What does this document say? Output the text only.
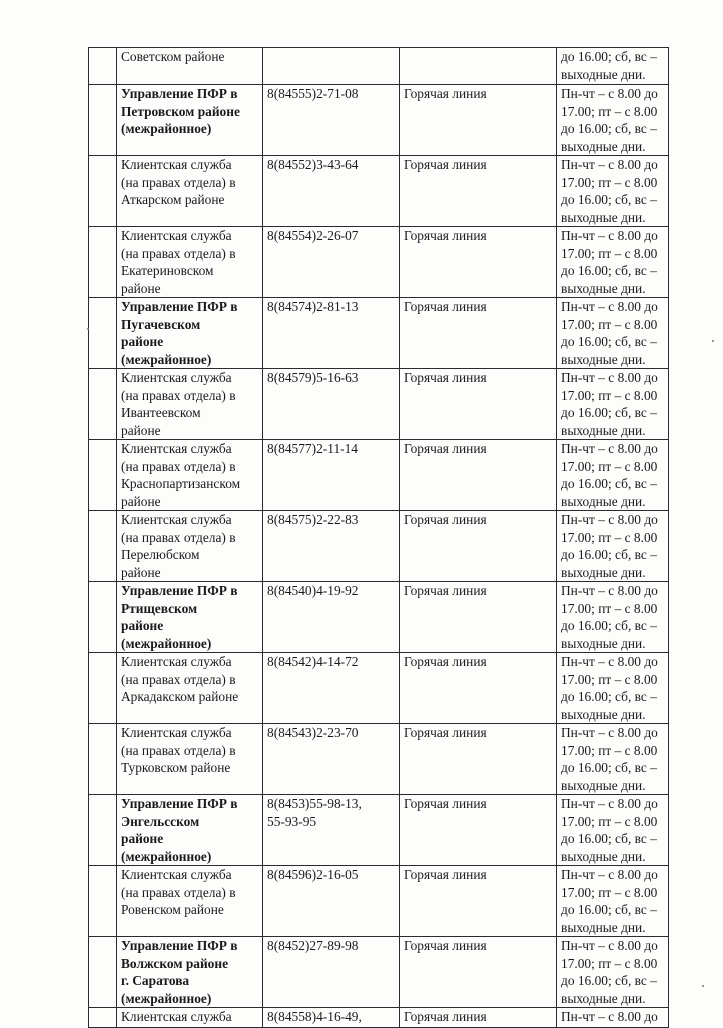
	Советском районе			до 16.00; сб, вс –
выходные дни.

	Управление ПФР в
Петровском районе
(межрайонное)	8(84555)2-71-08	Горячая линия	Пн-чт – с 8.00 до
17.00; пт – с 8.00
до 16.00; сб, вс –
выходные дни.

	Клиентская служба
(на правах отдела) в
Аткарском районе	8(84552)3-43-64	Горячая линия	Пн-чт – с 8.00 до
17.00; пт – с 8.00
до 16.00; сб, вс –
выходные дни.

	Клиентская служба
(на правах отдела) в
Екатериновском
районе	8(84554)2-26-07	Горячая линия	Пн-чт – с 8.00 до
17.00; пт – с 8.00
до 16.00; сб, вс –
выходные дни.

	Управление ПФР в
Пугачевском
районе
(межрайонное)	8(84574)2-81-13	Горячая линия	Пн-чт – с 8.00 до
17.00; пт – с 8.00
до 16.00; сб, вс –
выходные дни.

	Клиентская служба
(на правах отдела) в
Ивантеевском
районе	8(84579)5-16-63	Горячая линия	Пн-чт – с 8.00 до
17.00; пт – с 8.00
до 16.00; сб, вс –
выходные дни.

	Клиентская служба
(на правах отдела) в
Краснопартизанском
районе	8(84577)2-11-14	Горячая линия	Пн-чт – с 8.00 до
17.00; пт – с 8.00
до 16.00; сб, вс –
выходные дни.

	Клиентская служба
(на правах отдела) в
Перелюбском
районе	8(84575)2-22-83	Горячая линия	Пн-чт – с 8.00 до
17.00; пт – с 8.00
до 16.00; сб, вс –
выходные дни.

	Управление ПФР в
Ртищевском
районе
(межрайонное)	8(84540)4-19-92	Горячая линия	Пн-чт – с 8.00 до
17.00; пт – с 8.00
до 16.00; сб, вс –
выходные дни.

	Клиентская служба
(на правах отдела) в
Аркадакском районе	8(84542)4-14-72	Горячая линия	Пн-чт – с 8.00 до
17.00; пт – с 8.00
до 16.00; сб, вс –
выходные дни.

	Клиентская служба
(на правах отдела) в
Турковском районе	8(84543)2-23-70	Горячая линия	Пн-чт – с 8.00 до
17.00; пт – с 8.00
до 16.00; сб, вс –
выходные дни.

	Управление ПФР в
Энгельсском
районе
(межрайонное)	8(8453)55-98-13,
55-93-95	Горячая линия	Пн-чт – с 8.00 до
17.00; пт – с 8.00
до 16.00; сб, вс –
выходные дни.

	Клиентская служба
(на правах отдела) в
Ровенском районе	8(84596)2-16-05	Горячая линия	Пн-чт – с 8.00 до
17.00; пт – с 8.00
до 16.00; сб, вс –
выходные дни.

	Управление ПФР в
Волжском районе
г. Саратова
(межрайонное)	8(8452)27-89-98	Горячая линия	Пн-чт – с 8.00 до
17.00; пт – с 8.00
до 16.00; сб, вс –
выходные дни.

	Клиентская служба	8(84558)4-16-49,	Горячая линия	Пн-чт – с 8.00 до
